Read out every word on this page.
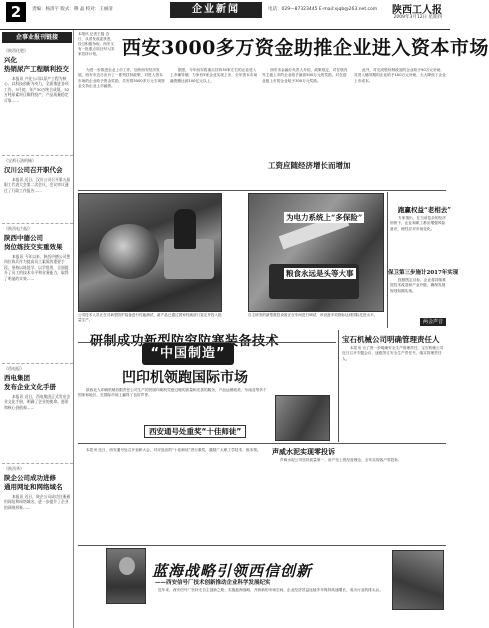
2	责编：杨清宇 版式：穆 晶 校对：王丽清	企业新闻	电话：029—87323445 E-mail:xjqb@263.net.com 陕西工人报
2009年3月12日 星期四
企事业报刊链接
《陕西化肥》
兴化
热销尿产工程顺利投交
本报讯 兴化公司以尿产工程为核心，以科技创新为动力，全面推进各项工作，3月初，年产30万吨合成氨、52万吨尿素项目顺利投产，产品质量稳定可靠……
《宝鸡石油机械》
汉川公司召开职代会
本报讯 近日，汉川公司召开第五届职工代表大会第二次会议，会议审议通过了行政工作报告……
《陕西电力报》
陕西中德公司
岗位练技交实重效果
本报讯 今年以来，陕西中德公司把岗位练兵作为提高员工素质的重要手段，坚持以练促学、以学促用，全面提升了员工的技术水平和业务能力，取得了明显的实效……
《西电报》
西电集团
发布企业文化手册
本报讯 近日，西电集团正式发布企业文化手册，明确了企业的使命、愿景和核心价值观……
《陕西华》
陕企公司成功进修
通用网址和网络域名
本报讯 近日，陕企公司成功注册通用网址和网络域名，进一步提升了企业的网络形象……
本报讯 记者王磊 近日，从省发改委获悉，经过积极争取，西安又有一批重点项目列入国家扶持计划。	西安3000多万资金助推企业进入资本市场
为进一步推进企业上市工作，加快西安经济发展，西安市近日出台了一系列扶持政策，对进入资本市场的企业给予资金奖励，共安排3000多万元专项资金支持企业上市融资。
据悉，今年西安将重点扶持30家左右的企业进入上市辅导期，力争有5家企业实现上市，全年资本市场融资额达到100亿元以上。
西安市金融办负责人介绍，政策规定，对在境内外主板上市的企业给予最高500万元的奖励，对在创业板上市的企业给予300万元奖励。
此外，对完成股份制改造的企业给予50万元补助，对进入辅导期的企业给予100万元补助，大大降低了企业上市成本。
公司技术人员正在对新型防护装备进行性能测试，新产品已通过国家权威部门鉴定并投入批量生产。
自主研发的新型数控设备正在车间进行调试，该设备多项指标达到国际先进水平。
工资应随经济增长而增加
为电力系统上“多保险”
粮食永远是头等大事
跑赢权益“老相去”
专家指出，在当前复杂的经济形势下，企业和职工都应增强风险意识，理性应对市场变化。
保卫第三步施计2017年实现
按照既定目标，企业将持续推进技术改造和产业升级，确保发展规划如期实现。
两会声音
“中国制造”
凹印机领跑国际市场
陕西北人印刷机械有限责任公司生产的凹版印刷机凭借过硬的质量和完善的服务，产品远销欧美、东南亚等多个国家和地区，在国际市场上赢得了良好声誉。
宝石机械公司明确管理责任人
本报讯 为了进一步明确安全生产管理责任，宝石机械公司近日召开专题会议，逐级签订安全生产责任书，落实管理责任人。
西安通号处重奖“十佳师徒”
本报讯 近日，西安通号处召开表彰大会，对评选出的“十佳师徒”进行重奖，激励广大职工学技术、练本领。	声威水泥实现零投诉
声威水泥公司坚持质量第一、用户至上的经营理念，全年实现客户零投诉。
蓝海战略引领西信创新
——西安信号厂技术创新推动企业科学发展纪实
近年来，西安信号厂坚持走自主创新之路，实施蓝海战略，开辟新的市场空间，企业经济效益连续多年保持高速增长，成为行业的排头兵。
